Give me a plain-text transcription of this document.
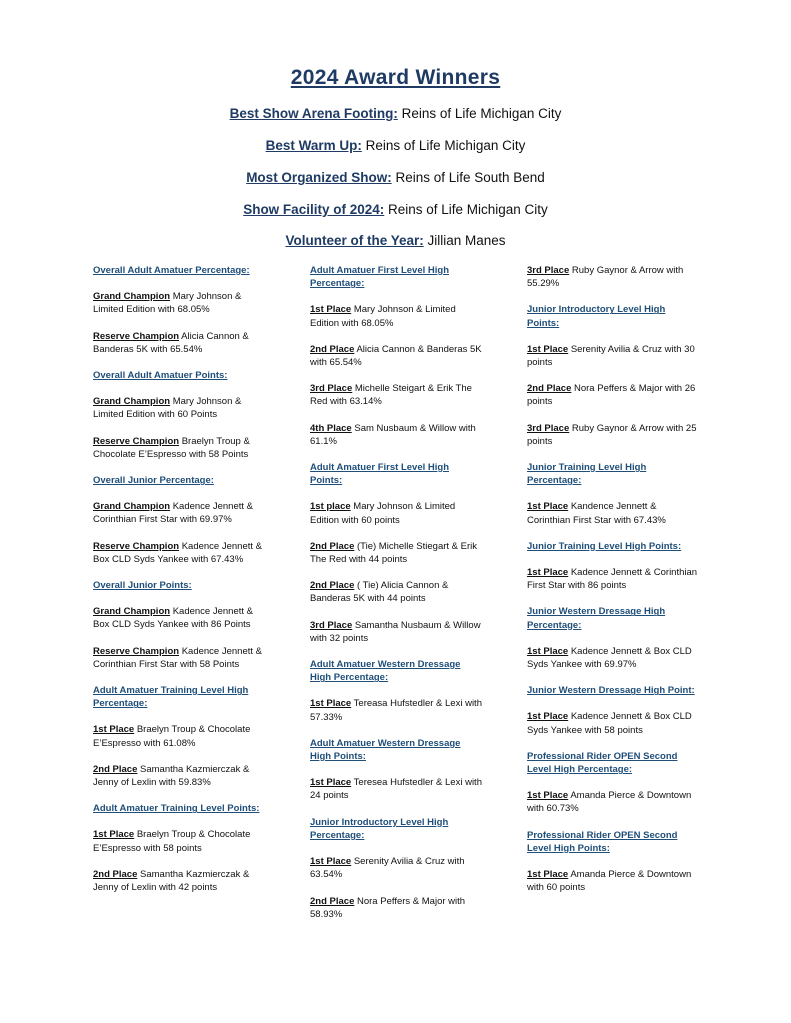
2024 Award Winners
Best Show Arena Footing: Reins of Life Michigan City
Best Warm Up: Reins of Life Michigan City
Most Organized Show: Reins of Life South Bend
Show Facility of 2024: Reins of Life Michigan City
Volunteer of the Year: Jillian Manes
Overall Adult Amatuer Percentage:
Grand Champion Mary Johnson & Limited Edition with 68.05%
Reserve Champion Alicia Cannon & Banderas 5K with 65.54%
Overall Adult Amatuer Points:
Grand Champion Mary Johnson & Limited Edition with 60 Points
Reserve Champion Braelyn Troup & Chocolate E’Espresso with 58 Points
Overall Junior Percentage:
Grand Champion Kadence Jennett & Corinthian First Star with 69.97%
Reserve Champion Kadence Jennett & Box CLD Syds Yankee with 67.43%
Overall Junior Points:
Grand Champion Kadence Jennett & Box CLD Syds Yankee with 86 Points
Reserve Champion Kadence Jennett & Corinthian First Star with 58 Points
Adult Amatuer Training Level High Percentage:
1st Place Braelyn Troup & Chocolate E’Espresso with 61.08%
2nd Place Samantha Kazmierczak & Jenny of Lexlin with 59.83%
Adult Amatuer Training Level Points:
1st Place Braelyn Troup & Chocolate E’Espresso with 58 points
2nd Place Samantha Kazmierczak & Jenny of Lexlin with 42 points
Adult Amatuer First Level High Percentage:
1st Place Mary Johnson & Limited Edition with 68.05%
2nd Place Alicia Cannon & Banderas 5K with 65.54%
3rd Place Michelle Steigart & Erik The Red with 63.14%
4th Place Sam Nusbaum & Willow with 61.1%
Adult Amatuer First Level High Points:
1st place Mary Johnson & Limited Edition with 60 points
2nd Place (Tie) Michelle Stiegart & Erik The Red with 44 points
2nd Place ( Tie) Alicia Cannon & Banderas 5K with 44 points
3rd Place Samantha Nusbaum & Willow with 32 points
Adult Amatuer Western Dressage High Percentage:
1st Place Tereasa Hufstedler & Lexi with 57.33%
Adult Amatuer Western Dressage High Points:
1st Place Teresea Hufstedler & Lexi with 24 points
Junior Introductory Level High Percentage:
1st Place Serenity Avilia & Cruz with 63.54%
2nd Place Nora Peffers & Major with 58.93%
3rd Place Ruby Gaynor & Arrow with 55.29%
Junior Introductory Level High Points:
1st Place Serenity Avilia & Cruz with 30 points
2nd Place Nora Peffers & Major with 26 points
3rd Place Ruby Gaynor & Arrow with 25 points
Junior Training Level High Percentage:
1st Place Kandence Jennett & Corinthian First Star with 67.43%
Junior Training Level High Points:
1st Place Kadence Jennett & Corinthian First Star with 86 points
Junior Western Dressage High Percentage:
1st Place Kadence Jennett & Box CLD Syds Yankee with 69.97%
Junior Western Dressage High Point:
1st Place Kadence Jennett & Box CLD Syds Yankee with 58 points
Professional Rider OPEN Second Level High Percentage:
1st Place Amanda Pierce & Downtown with 60.73%
Professional Rider OPEN Second Level High Points:
1st Place Amanda Pierce & Downtown with 60 points
